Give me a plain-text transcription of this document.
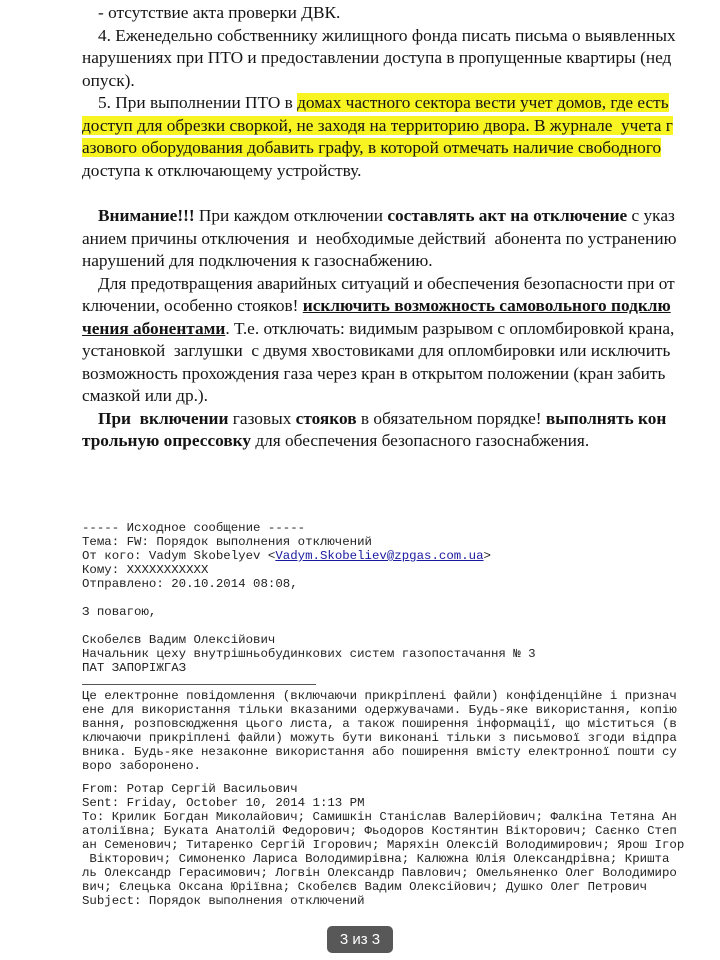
- отсутствие акта проверки ДВК.
4. Еженедельно собственнику жилищного фонда писать письма о выявленных
нарушениях при ПТО и предоставлении доступа в пропущенные квартиры (нед
опуск).
5. При выполнении ПТО в домах частного сектора вести учет домов, где есть
доступ для обрезки своркой, не заходя на территорию двора. В журнале  учета г
азового оборудования добавить графу, в которой отмечать наличие свободного
доступа к отключающему устройству.
Внимание!!! При каждом отключении составлять акт на отключение с указ
анием причины отключения  и  необходимые действий  абонента по устранению
нарушений для подключения к газоснабжению.
Для предотвращения аварийных ситуаций и обеспечения безопасности при от
ключении, особенно стояков! исключить возможность самовольного подклю
чения абонентами. Т.е. отключать: видимым разрывом с опломбировкой крана,
установкой  заглушки  с двумя хвостовиками для опломбировки или исключить
возможность прохождения газа через кран в открытом положении (кран забить
смазкой или др.).
При  включении газовых стояков в обязательном порядке! выполнять кон
трольную опрессовку для обеспечения безопасного газоснабжения.
----- Исходное сообщение -----
Тема: FW: Порядок выполнения отключений
От кого: Vadym Skobelyev <Vadym.Skobeliev@zpgas.com.ua>
Кому: XXXXXXXXXXX
Отправлено: 20.10.2014 08:08,
З повагою,
Скобелєв Вадим Олексійович
Начальник цеху внутрішньобудинкових систем газопостачання № 3
ПАТ ЗАПОРІЖГАЗ
Це електронне повідомлення (включаючи прикріплені файли) конфіденційне і признач
ене для використання тільки вказаними одержувачами. Будь-яке використання, копію
вання, розповсюдження цього листа, а також поширення інформації, що міститься (в
ключаючи прикріплені файли) можуть бути виконані тільки з письмової згоди відпра
вника. Будь-яке незаконне використання або поширення вмісту електронної пошти су
воро заборонено.
From: Ротар Сергій Васильович
Sent: Friday, October 10, 2014 1:13 PM
To: Крилик Богдан Миколайович; Самишкін Станіслав Валерійович; Фалкіна Тетяна Ан
атоліївна; Буката Анатолій Федорович; Фьодоров Костянтин Вікторович; Саєнко Степ
ан Семенович; Титаренко Сергій Ігорович; Маряхін Олексій Володимирович; Ярош Ігор
Вікторович; Симоненко Лариса Володимирівна; Калюжна Юлія Олександрівна; Кришта
ль Олександр Герасимович; Логвін Олександр Павлович; Омельяненко Олег Володимиро
вич; Єлецька Оксана Юріївна; Скобелєв Вадим Олексійович; Душко Олег Петрович
Subject: Порядок выполнения отключений
3 из 3
